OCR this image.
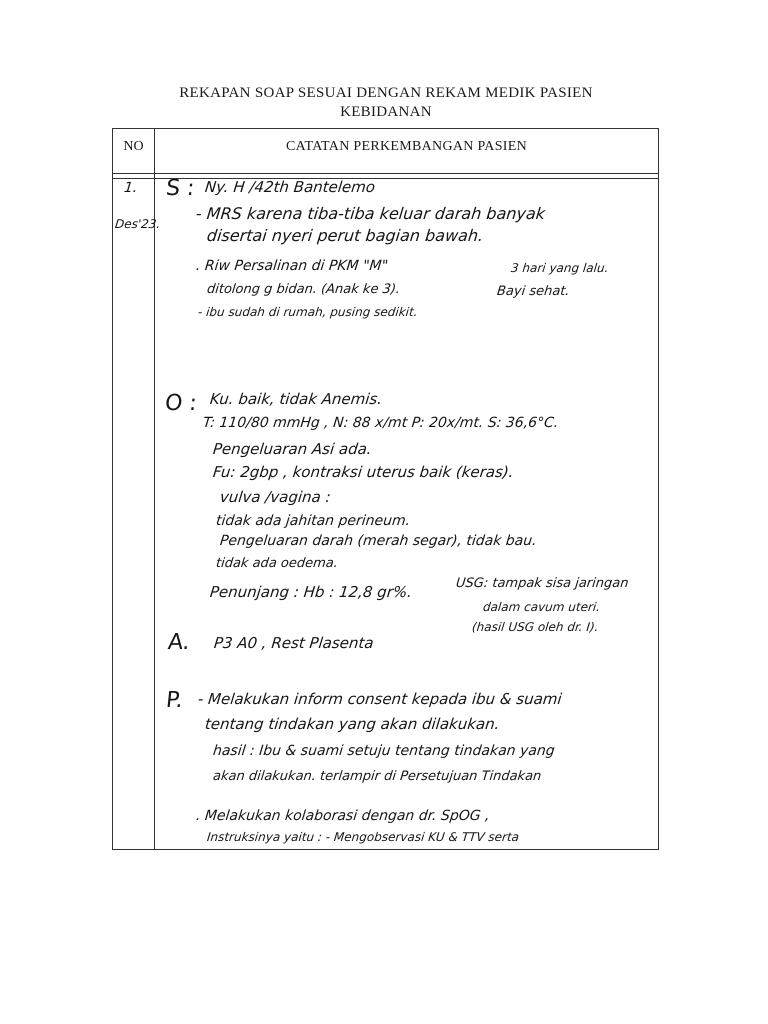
REKAPAN SOAP SESUAI DENGAN REKAM MEDIK PASIEN
KEBIDANAN
NO	CATATAN PERKEMBANGAN PASIEN
1.
Des'23.
S : Ny. H /42th Bantelemo
- MRS karena tiba-tiba keluar darah banyak
disertai nyeri perut bagian bawah.
. Riw Persalinan di PKM "M"	3 hari yang lalu.
ditolong g bidan. (Anak ke 3).	Bayi sehat.
- ibu sudah di rumah, pusing sedikit.
O : Ku. baik, tidak Anemis.
T: 110/80 mmHg , N: 88 x/mt P: 20x/mt. S: 36,6°C.
Pengeluaran Asi ada.
Fu: 2gbp , kontraksi uterus baik (keras).
vulva /vagina :
tidak ada jahitan perineum.
Pengeluaran darah (merah segar), tidak bau.
tidak ada oedema.
Penunjang : Hb : 12,8 gr%.	USG: tampak sisa jaringan
dalam cavum uteri.
(hasil USG oleh dr. I).
A. P3 A0 , Rest Plasenta
P. - Melakukan inform consent kepada ibu & suami
tentang tindakan yang akan dilakukan.
hasil : Ibu & suami setuju tentang tindakan yang
akan dilakukan. terlampir di Persetujuan Tindakan
. Melakukan kolaborasi dengan dr. SpOG ,
Instruksinya yaitu : - Mengobservasi KU & TTV serta
